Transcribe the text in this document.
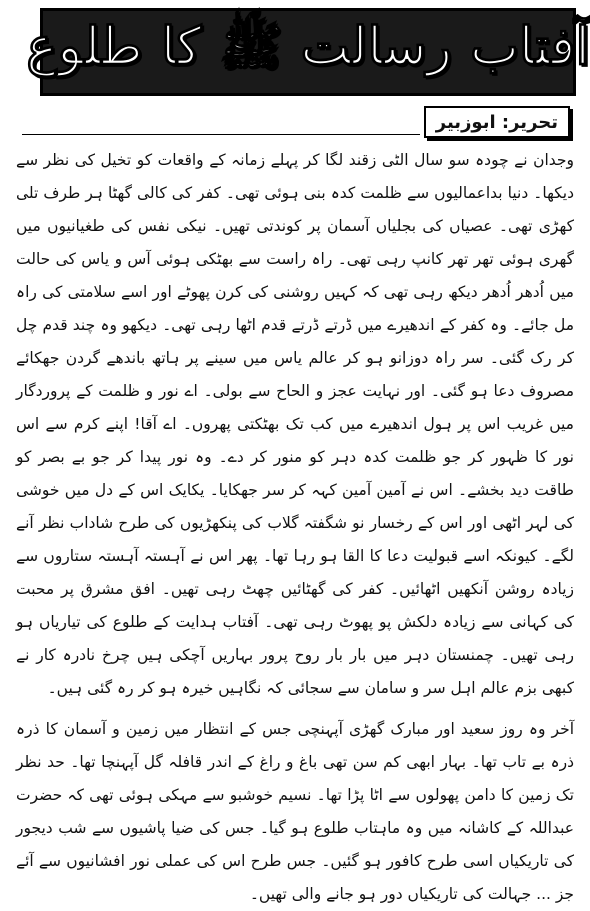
آفتاب رسالت ﷺ کا طلوع
تحریر: ابوزبیر

وجدان نے چودہ سو سال الٹی زقند لگا کر پہلے زمانہ کے واقعات کو تخیل کی نظر سے دیکھا۔ دنیا بداعمالیوں سے ظلمت کدہ بنی ہوئی تھی۔ کفر کی کالی گھٹا ہر طرف تلی کھڑی تھی۔ عصیاں کی بجلیاں آسمان پر کوندتی تھیں۔ نیکی نفس کی طغیانیوں میں گھری ہوئی تھر تھر کانپ رہی تھی۔ راہ راست سے بھٹکی ہوئی آس و یاس کی حالت میں اُدھر اُدھر دیکھ رہی تھی کہ کہیں روشنی کی کرن پھوٹے اور اسے سلامتی کی راہ مل جائے۔ وہ کفر کے اندھیرے میں ڈرتے ڈرتے قدم اٹھا رہی تھی۔ دیکھو وہ چند قدم چل کر رک گئی۔ سر راہ دوزانو ہو کر عالم یاس میں سینے پر ہاتھ باندھے گردن جھکائے مصروف دعا ہو گئی۔ اور نہایت عجز و الحاح سے بولی۔ اے نور و ظلمت کے پروردگار میں غریب اس پر ہول اندھیرے میں کب تک بھٹکتی پھروں۔ اے آقا! اپنے کرم سے اس نور کا ظہور کر جو ظلمت کدہ دہر کو منور کر دے۔ وہ نور پیدا کر جو بے بصر کو طاقت دید بخشے۔ اس نے آمین آمین کہہ کر سر جھکایا۔ یکایک اس کے دل میں خوشی کی لہر اٹھی اور اس کے رخسار نو شگفتہ گلاب کی پنکھڑیوں کی طرح شاداب نظر آنے لگے۔ کیونکہ اسے قبولیت دعا کا القا ہو رہا تھا۔ پھر اس نے آہستہ آہستہ ستاروں سے زیادہ روشن آنکھیں اٹھائیں۔ کفر کی گھٹائیں چھٹ رہی تھیں۔ افق مشرق پر محبت کی کہانی سے زیادہ دلکش پو پھوٹ رہی تھی۔ آفتاب ہدایت کے طلوع کی تیاریاں ہو رہی تھیں۔ چمنستان دہر میں بار بار روح پرور بہاریں آچکی ہیں چرخ نادرہ کار نے کبھی بزم عالم اہل سر و سامان سے سجائی کہ نگاہیں خیرہ ہو کر رہ گئی ہیں۔

آخر وہ روز سعید اور مبارک گھڑی آپہنچی جس کے انتظار میں زمین و آسمان کا ذرہ ذرہ بے تاب تھا۔ بہار ابھی کم سن تھی باغ و راغ کے اندر قافلہ گل آپہنچا تھا۔ حد نظر تک زمین کا دامن پھولوں سے اٹا پڑا تھا۔ نسیم خوشبو سے مہکی ہوئی تھی کہ حضرت عبداللہ کے کاشانہ میں وہ ماہتاب طلوع ہو گیا۔ جس کی ضیا پاشیوں سے شب دیجور کی تاریکیاں اسی طرح کافور ہو گئیں۔ جس طرح اس کی عملی نور افشانیوں سے آئے جز ... جہالت کی تاریکیاں دور ہو جانے والی تھیں۔
